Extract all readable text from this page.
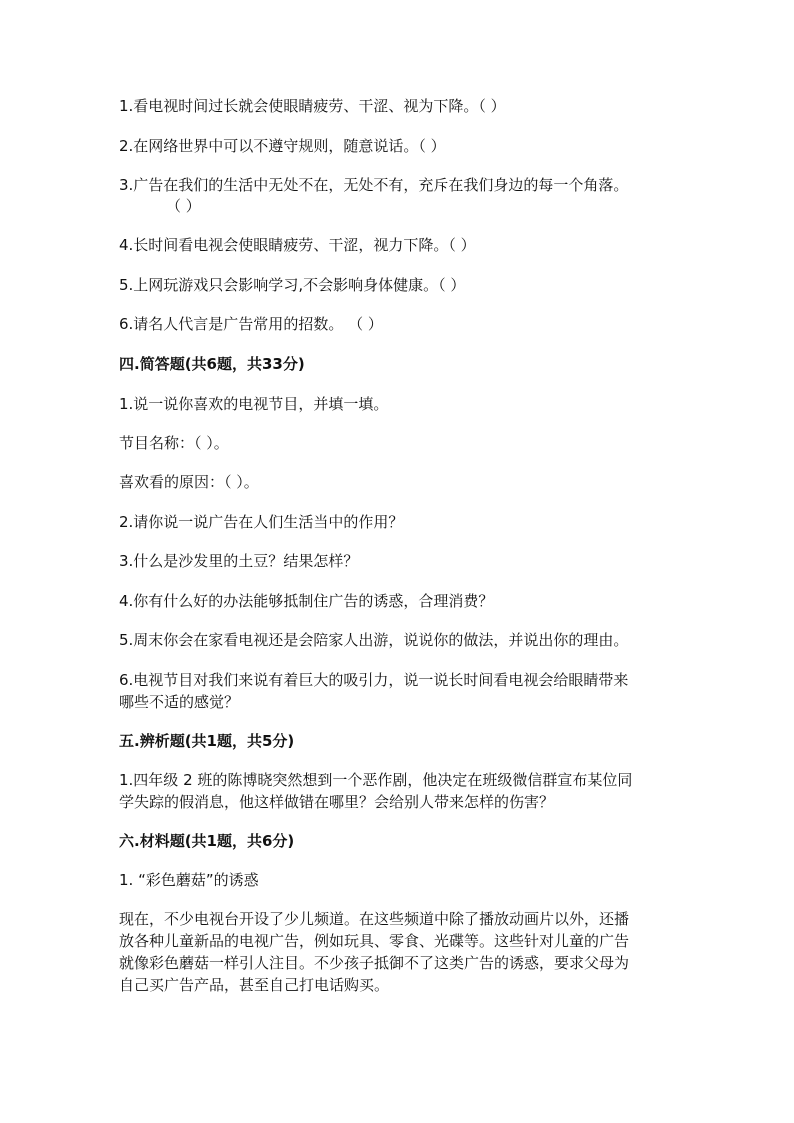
1.看电视时间过长就会使眼睛疲劳、干涩、视为下降。（ ）
2.在网络世界中可以不遵守规则，随意说话。（ ）
3.广告在我们的生活中无处不在，无处不有，充斥在我们身边的每一个角落。
（ ）
4.长时间看电视会使眼睛疲劳、干涩，视力下降。（ ）
5.上网玩游戏只会影响学习,不会影响身体健康。（ ）
6.请名人代言是广告常用的招数。 （ ）
四.简答题(共6题，共33分)
1.说一说你喜欢的电视节目，并填一填。
节目名称：（ ）。
喜欢看的原因：（ ）。
2.请你说一说广告在人们生活当中的作用？
3.什么是沙发里的土豆？结果怎样？
4.你有什么好的办法能够抵制住广告的诱惑，合理消费？
5.周末你会在家看电视还是会陪家人出游，说说你的做法，并说出你的理由。
6.电视节目对我们来说有着巨大的吸引力，说一说长时间看电视会给眼睛带来
哪些不适的感觉？
五.辨析题(共1题，共5分)
1.四年级 2 班的陈博晓突然想到一个恶作剧，他决定在班级微信群宣布某位同
学失踪的假消息，他这样做错在哪里？会给别人带来怎样的伤害？
六.材料题(共1题，共6分)
1. “彩色蘑菇”的诱惑
现在，不少电视台开设了少儿频道。在这些频道中除了播放动画片以外，还播
放各种儿童新品的电视广告，例如玩具、零食、光碟等。这些针对儿童的广告
就像彩色蘑菇一样引人注目。不少孩子抵御不了这类广告的诱惑，要求父母为
自己买广告产品，甚至自己打电话购买。
